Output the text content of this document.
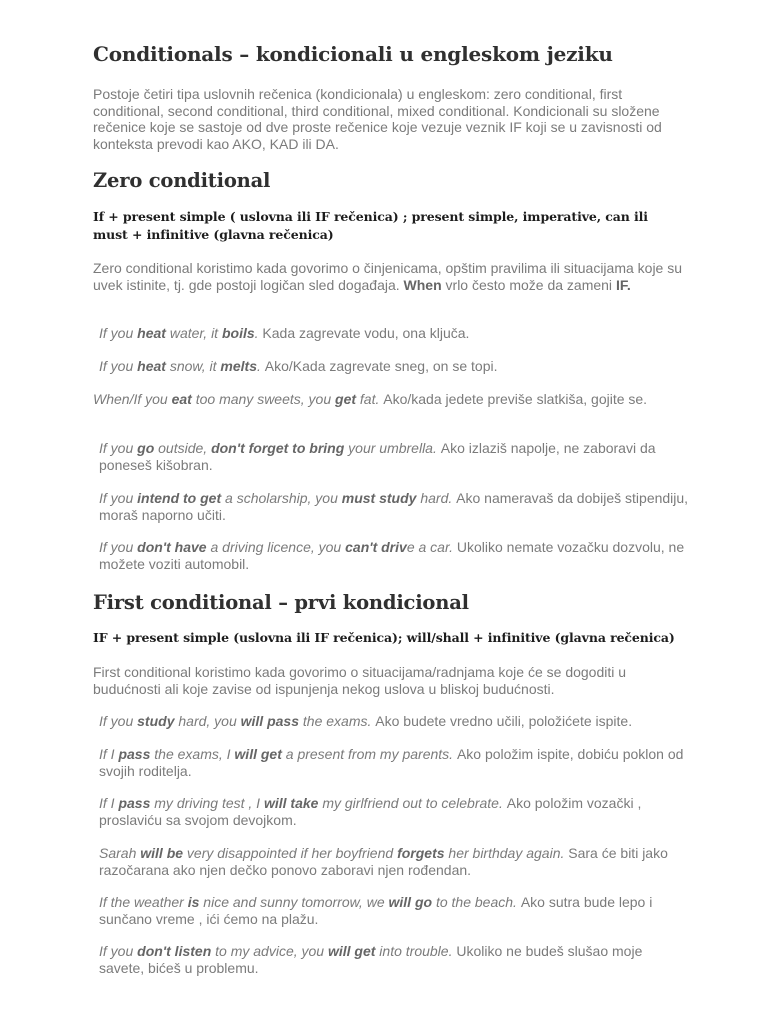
Conditionals – kondicionali u engleskom jeziku

Postoje četiri tipa uslovnih rečenica (kondicionala) u engleskom: zero conditional, first conditional, second conditional, third conditional, mixed conditional. Kondicionali su složene rečenice koje se sastoje od dve proste rečenice koje vezuje veznik IF koji se u zavisnosti od konteksta prevodi kao AKO, KAD ili DA.

Zero conditional

If + present simple ( uslovna ili IF rečenica) ; present simple, imperative, can ili must + infinitive (glavna rečenica)

Zero conditional koristimo kada govorimo o činjenicama, opštim pravilima ili situacijama koje su uvek istinite, tj. gde postoji logičan sled događaja. When vrlo često može da zameni IF.

If you heat water, it boils. Kada zagrevate vodu, ona ključa.

If you heat snow, it melts. Ako/Kada zagrevate sneg, on se topi.

When/If you eat too many sweets, you get fat. Ako/kada jedete previše slatkiša, gojite se.

If you go outside, don't forget to bring your umbrella. Ako izlaziš napolje, ne zaboravi da poneseš kišobran.

If you intend to get a scholarship, you must study hard. Ako nameravaš da dobiješ stipendiju, moraš naporno učiti.

If you don't have a driving licence, you can't drive a car. Ukoliko nemate vozačku dozvolu, ne možete voziti automobil.

First conditional – prvi kondicional

IF + present simple (uslovna ili IF rečenica); will/shall + infinitive (glavna rečenica)

First conditional koristimo kada govorimo o situacijama/radnjama koje će se dogoditi u budućnosti ali koje zavise od ispunjenja nekog uslova u bliskoj budućnosti.

If you study hard, you will pass the exams. Ako budete vredno učili, položićete ispite.

If I pass the exams, I will get a present from my parents. Ako položim ispite, dobiću poklon od svojih roditelja.

If I pass my driving test , I will take my girlfriend out to celebrate. Ako položim vozački , proslaviću sa svojom devojkom.

Sarah will be very disappointed if her boyfriend forgets her birthday again. Sara će biti jako razočarana ako njen dečko ponovo zaboravi njen rođendan.

If the weather is nice and sunny tomorrow, we will go to the beach. Ako sutra bude lepo i sunčano vreme , ići ćemo na plažu.

If you don't listen to my advice, you will get into trouble. Ukoliko ne budeš slušao moje savete, bićeš u problemu.
